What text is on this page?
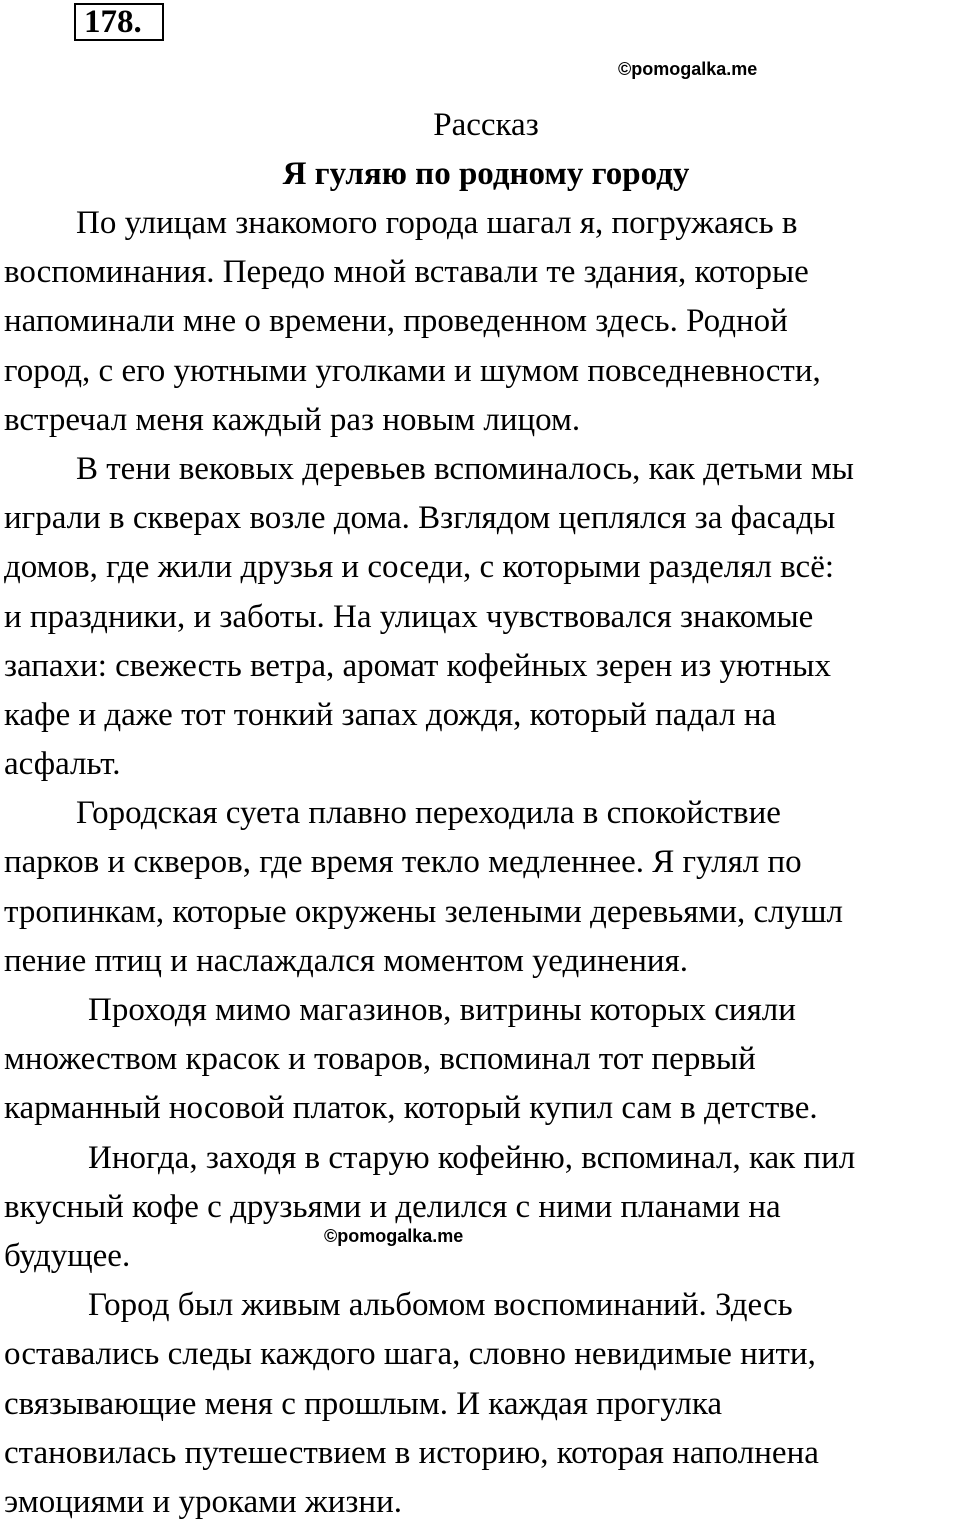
178.
©pomogalka.me
Рассказ
Я гуляю по родному городу
По улицам знакомого города шагал я, погружаясь в
воспоминания. Передо мной вставали те здания, которые
напоминали мне о времени, проведенном здесь. Родной
город, с его уютными уголками и шумом повседневности,
встречал меня каждый раз новым лицом.
В тени вековых деревьев вспоминалось, как детьми мы
играли в скверах возле дома. Взглядом цеплялся за фасады
домов, где жили друзья и соседи, с которыми разделял всё:
и праздники, и заботы. На улицах чувствовался знакомые
запахи: свежесть ветра, аромат кофейных зерен из уютных
кафе и даже тот тонкий запах дождя, который падал на
асфальт.
Городская суета плавно переходила в спокойствие
парков и скверов, где время текло медленнее. Я гулял по
тропинкам, которые окружены зелеными деревьями, слушл
пение птиц и наслаждался моментом уединения.
Проходя мимо магазинов, витрины которых сияли
множеством красок и товаров, вспоминал тот первый
карманный носовой платок, который купил сам в детстве.
Иногда, заходя в старую кофейню, вспоминал, как пил
вкусный кофе с друзьями и делился с ними планами на
будущее.
Город был живым альбомом воспоминаний. Здесь
оставались следы каждого шага, словно невидимые нити,
связывающие меня с прошлым. И каждая прогулка
становилась путешествием в историю, которая наполнена
эмоциями и уроками жизни.
©pomogalka.me
